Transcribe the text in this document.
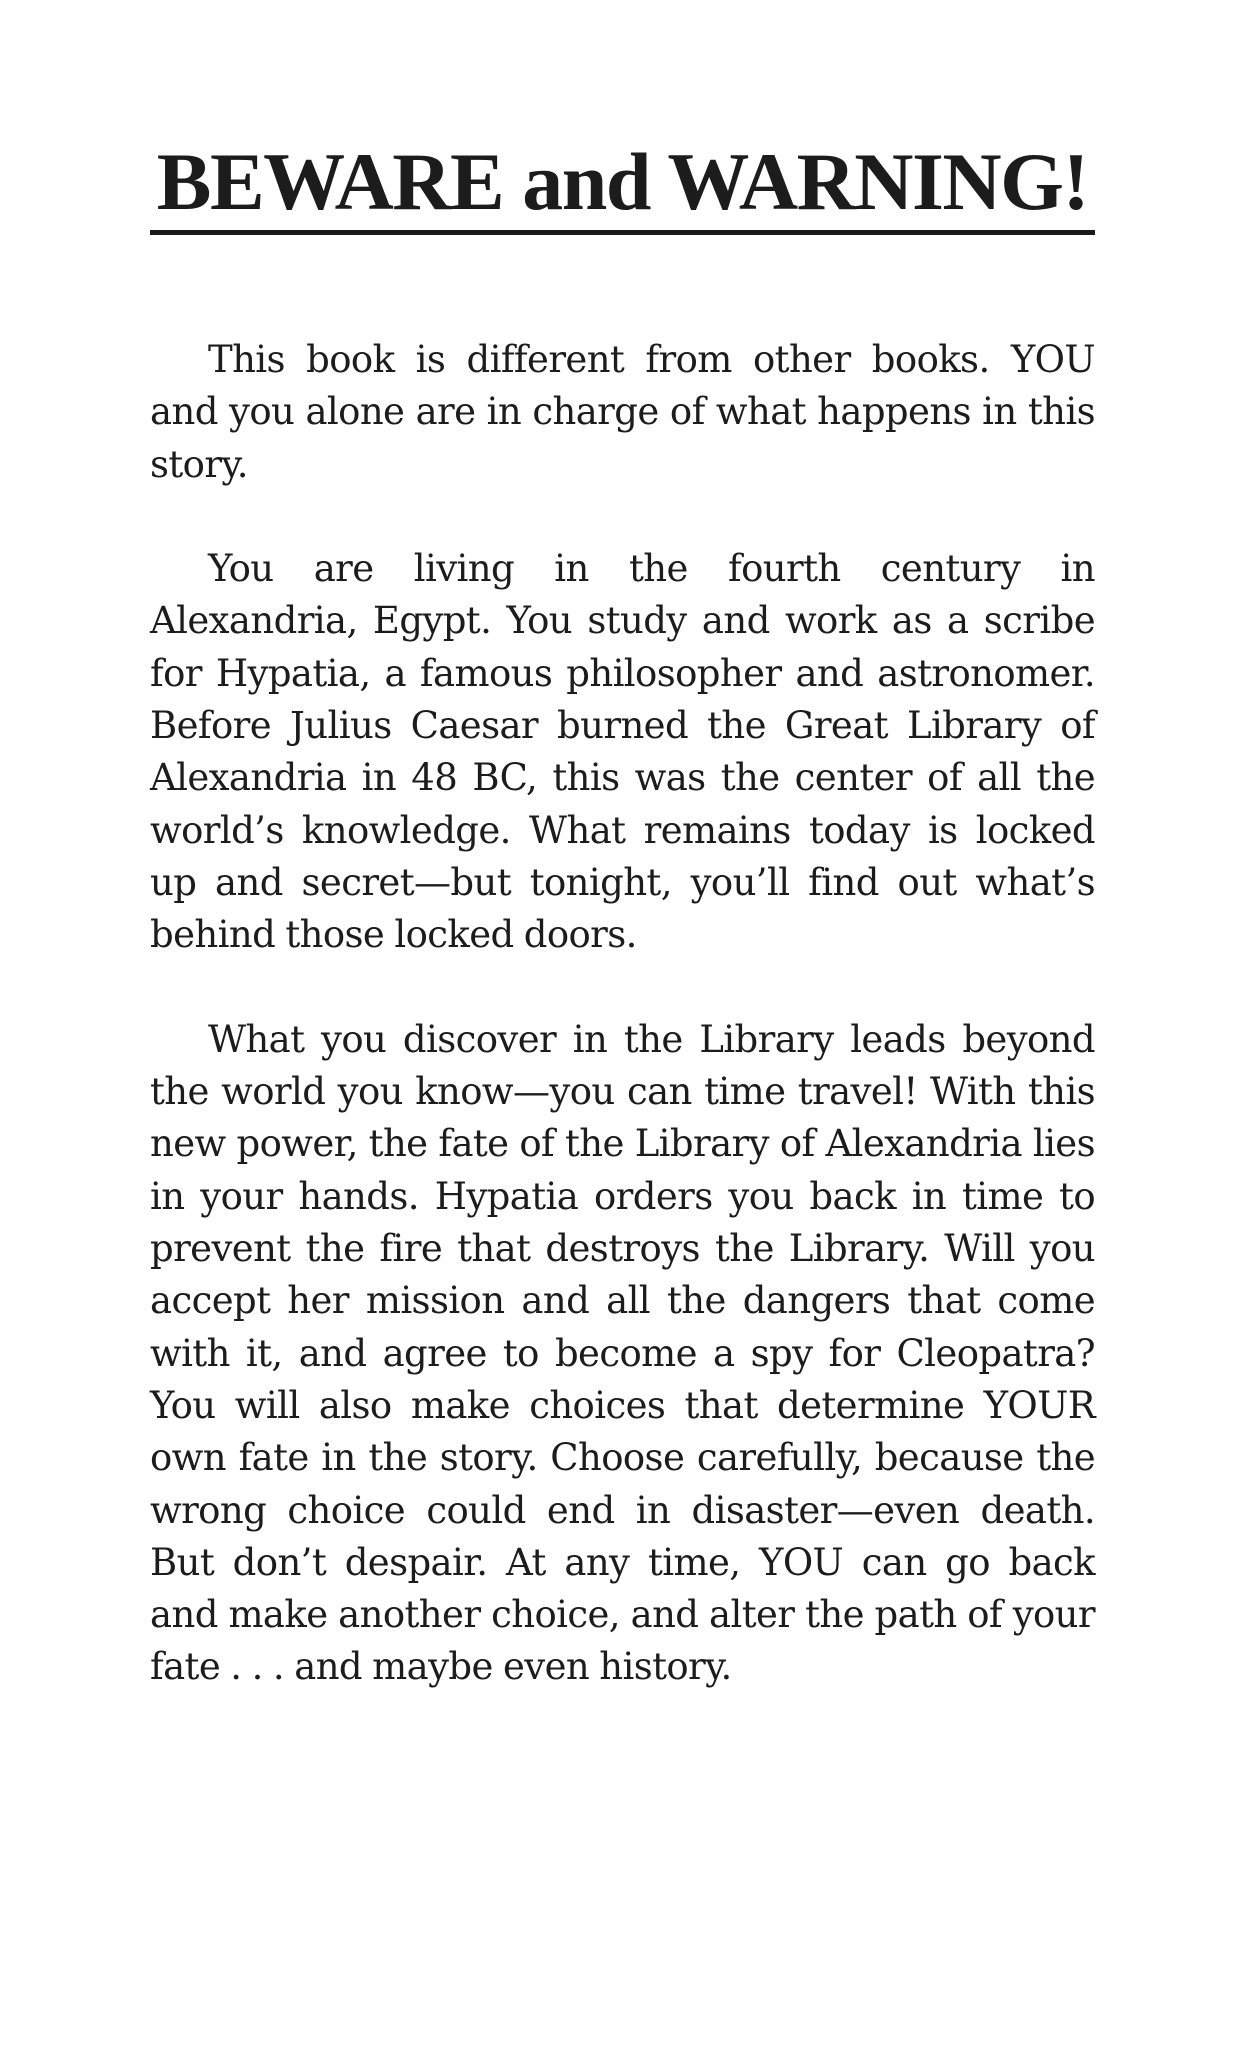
BEWARE and WARNING!

This book is different from other books. YOU and you alone are in charge of what happens in this story.

You are living in the fourth century in Alexandria, Egypt. You study and work as a scribe for Hypatia, a famous philosopher and astronomer. Before Julius Caesar burned the Great Library of Alexandria in 48 BC, this was the center of all the world’s knowledge. What remains today is locked up and secret—but tonight, you’ll find out what’s behind those locked doors.

What you discover in the Library leads beyond the world you know—you can time travel! With this new power, the fate of the Library of Alexandria lies in your hands. Hypatia orders you back in time to prevent the fire that destroys the Library. Will you accept her mission and all the dangers that come with it, and agree to become a spy for Cleopatra? You will also make choices that determine YOUR own fate in the story. Choose carefully, because the wrong choice could end in disaster—even death. But don’t despair. At any time, YOU can go back and make another choice, and alter the path of your fate . . . and maybe even history.
